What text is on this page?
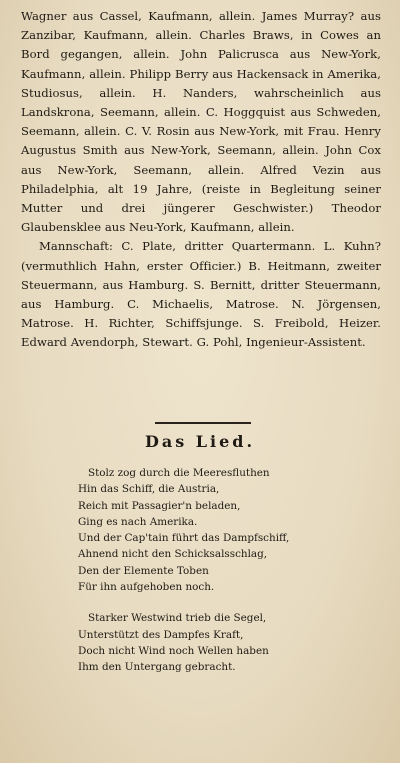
Wagner aus Cassel, Kaufmann, allein. James Murray? aus Zanzibar, Kaufmann, allein. Charles Braws, in Cowes an Bord gegangen, allein. John Palicrusca aus New-York, Kaufmann, allein. Philipp Berry aus Hackensack in Amerika, Studiosus, allein. H. Nanders, wahrscheinlich aus Landskrona, Seemann, allein. C. Hoggquist aus Schweden, Seemann, allein. C. V. Rosin aus New-York, mit Frau. Henry Augustus Smith aus New-York, Seemann, allein. John Cox aus New-York, Seemann, allein. Alfred Vezin aus Philadelphia, alt 19 Jahre, (reiste in Begleitung seiner Mutter und drei jüngerer Geschwister.) Theodor Glaubensklee aus Neu-York, Kaufmann, allein.

Mannschaft: C. Plate, dritter Quartermann. L. Kuhn? (vermuthlich Hahn, erster Officier.) B. Heitmann, zweiter Steuermann, aus Hamburg. S. Bernitt, dritter Steuermann, aus Hamburg. C. Michaelis, Matrose. N. Jörgensen, Matrose. H. Richter, Schiffsjunge. S. Freibold, Heizer. Edward Avendorph, Stewart. G. Pohl, Ingenieur-Assistent.

Das Lied.
Stolz zog durch die Meeresfluthen
Hin das Schiff, die Austria,
Reich mit Passagier'n beladen,
Ging es nach Amerika.
Und der Cap'tain führt das Dampfschiff,
Ahnend nicht den Schicksalsschlag,
Den der Elemente Toben
Für ihn aufgehoben noch.
Starker Westwind trieb die Segel,
Unterstützt des Dampfes Kraft,
Doch nicht Wind noch Wellen haben
Ihm den Untergang gebracht.
